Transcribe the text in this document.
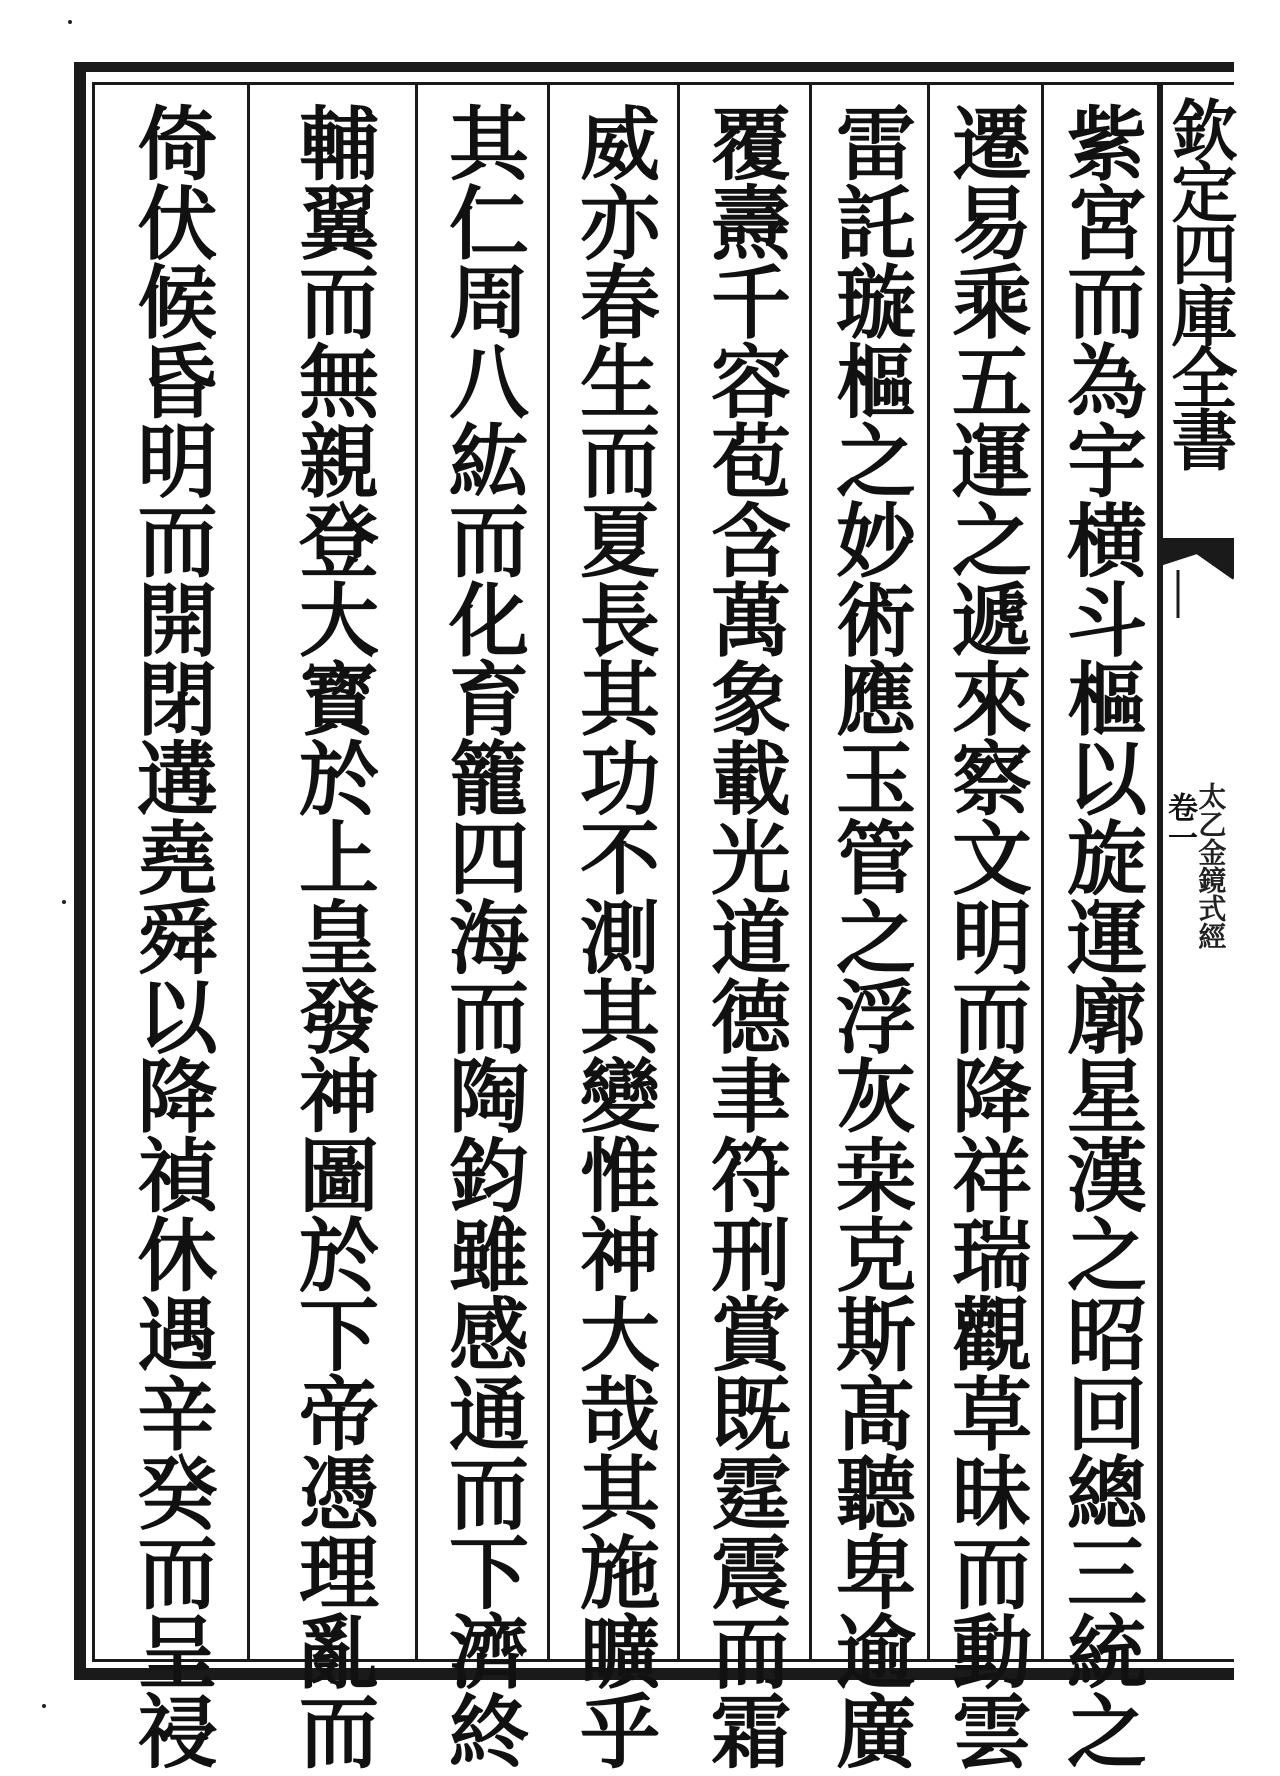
紫宮而為宇横斗樞以旋運廓星漢之昭回總三統之
遷易乘五運之遞來察文明而降祥瑞觀草昧而動雲
雷託璇樞之妙術應玉管之浮灰桒克斯髙聽卑逾廣
覆燾千容苞含萬象載光道德聿符刑賞既霆震而霜
威亦春生而夏長其功不測其變惟神大哉其施曠乎
其仁周八紘而化育籠四海而陶鈞雖感通而下濟終
輔翼而無親登大寳於上皇發神圖於下帝憑理亂而
倚伏候昏明而開閉遘堯舜以降禎休遇辛癸而呈祲	欽定四庫全書
卷一
太乙金鏡式經
